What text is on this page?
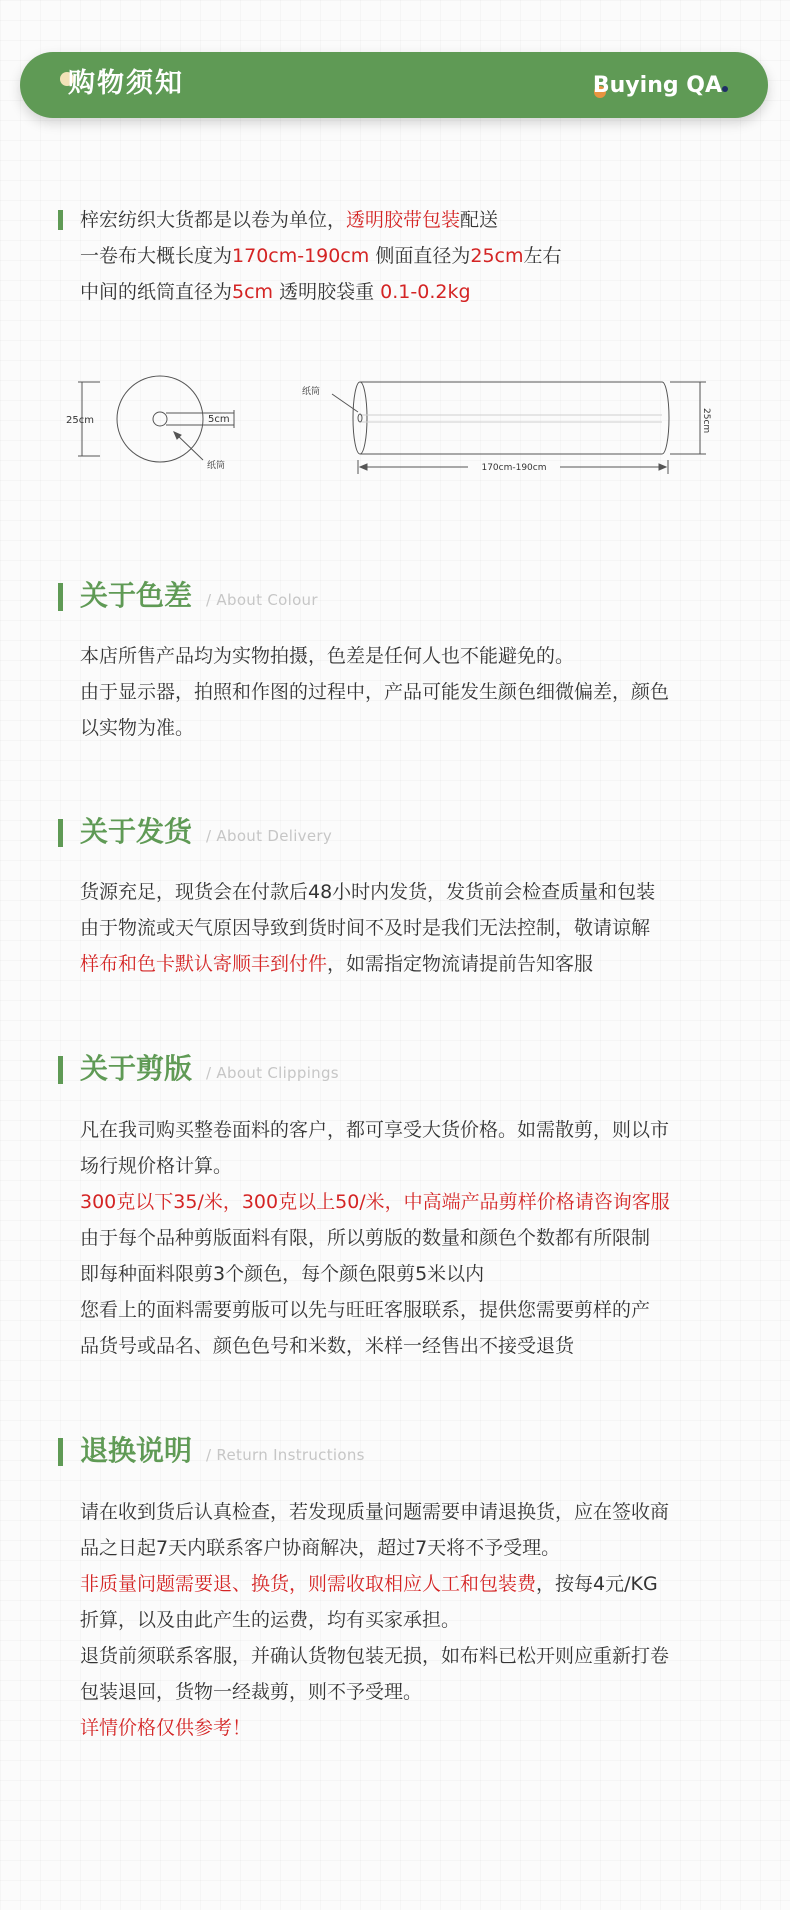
购物须知	Buying QA
梓宏纺织大货都是以卷为单位，透明胶带包装配送
一卷布大概长度为170cm-190cm 侧面直径为25cm左右
中间的纸筒直径为5cm 透明胶袋重 0.1-0.2kg
25cm	5cm
纸筒
纸筒
170cm-190cm
25cm
关于色差 / About Colour
本店所售产品均为实物拍摄，色差是任何人也不能避免的。
由于显示器，拍照和作图的过程中，产品可能发生颜色细微偏差，颜色
以实物为准。
关于发货 / About Delivery
货源充足，现货会在付款后48小时内发货，发货前会检查质量和包装
由于物流或天气原因导致到货时间不及时是我们无法控制，敬请谅解
样布和色卡默认寄顺丰到付件，如需指定物流请提前告知客服
关于剪版 / About Clippings
凡在我司购买整卷面料的客户，都可享受大货价格。如需散剪，则以市
场行规价格计算。
300克以下35/米，300克以上50/米，中高端产品剪样价格请咨询客服
由于每个品种剪版面料有限，所以剪版的数量和颜色个数都有所限制
即每种面料限剪3个颜色，每个颜色限剪5米以内
您看上的面料需要剪版可以先与旺旺客服联系，提供您需要剪样的产
品货号或品名、颜色色号和米数，米样一经售出不接受退货
退换说明 / Return Instructions
请在收到货后认真检查，若发现质量问题需要申请退换货，应在签收商
品之日起7天内联系客户协商解决，超过7天将不予受理。
非质量问题需要退、换货，则需收取相应人工和包装费，按每4元/KG
折算，以及由此产生的运费，均有买家承担。
退货前须联系客服，并确认货物包装无损，如布料已松开则应重新打卷
包装退回，货物一经裁剪，则不予受理。
详情价格仅供参考！
